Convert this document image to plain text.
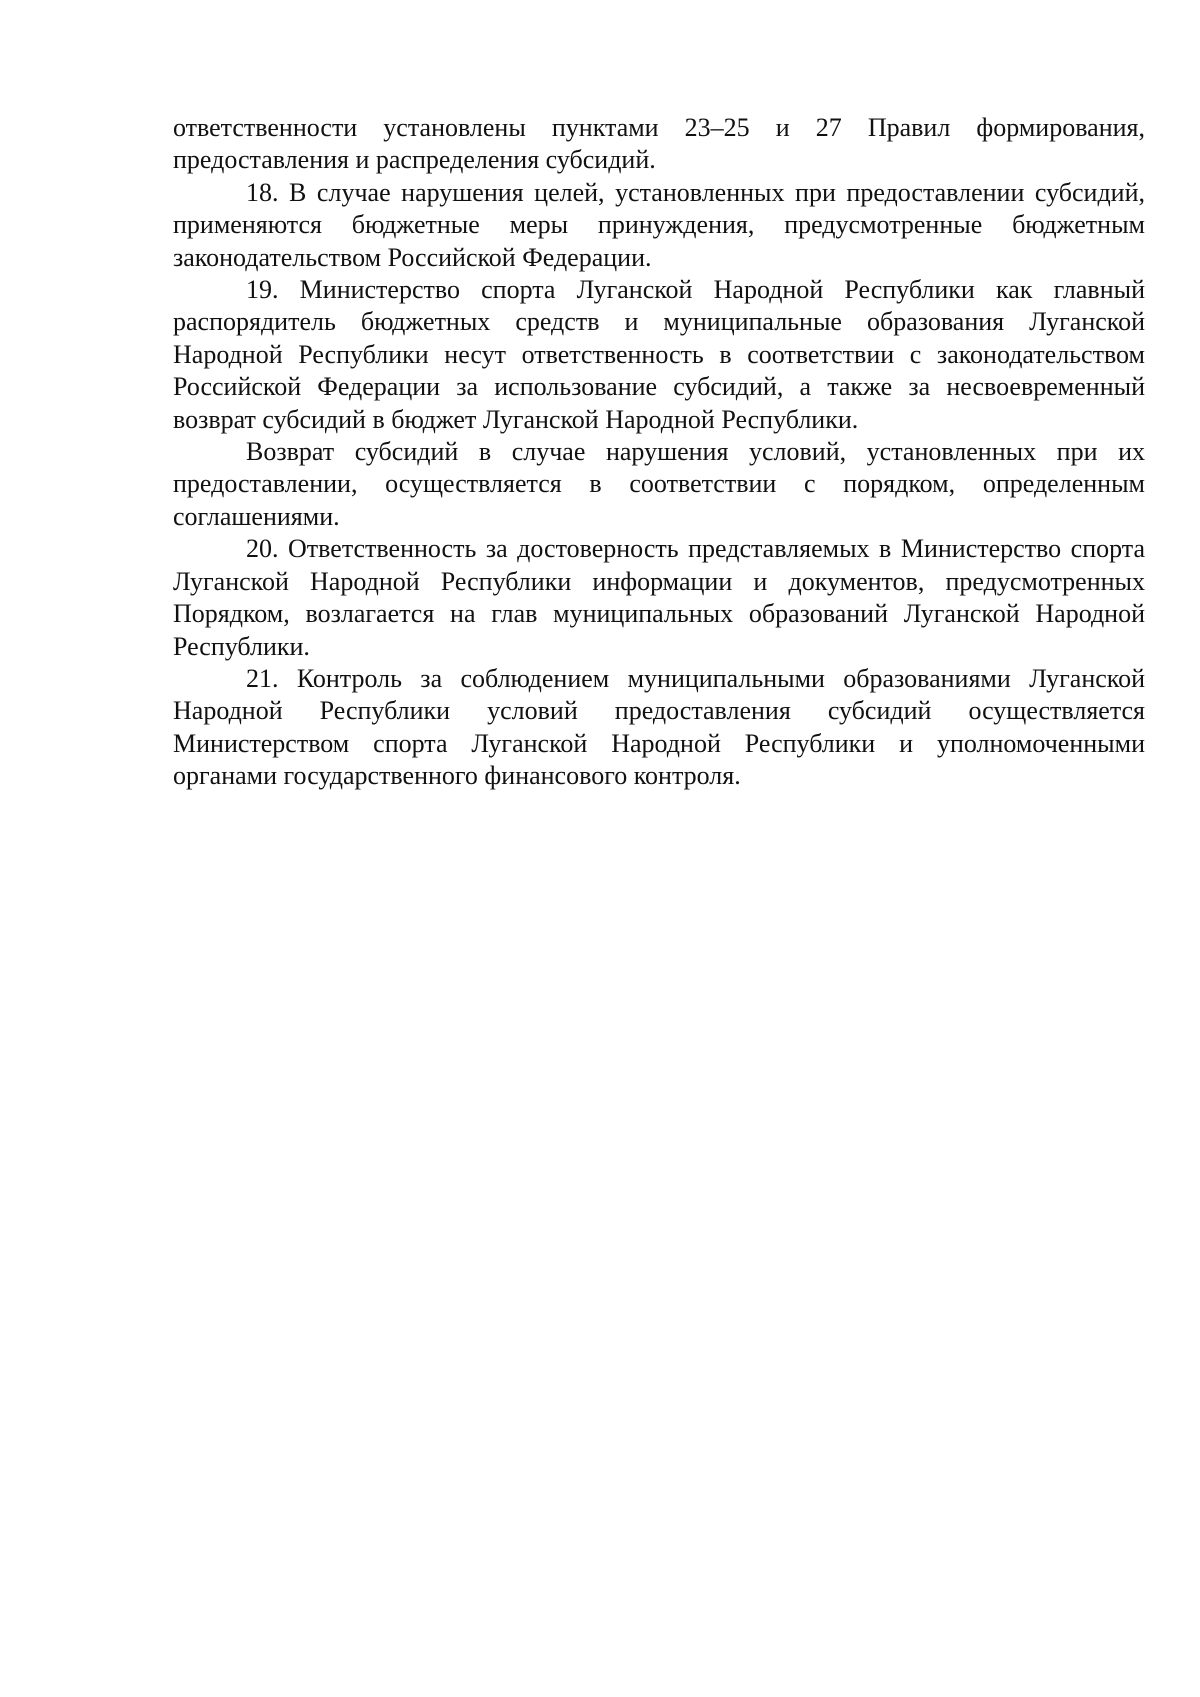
ответственности установлены пунктами 23–25 и 27 Правил формирования, предоставления и распределения субсидий.

18. В случае нарушения целей, установленных при предоставлении субсидий, применяются бюджетные меры принуждения, предусмотренные бюджетным законодательством Российской Федерации.

19. Министерство спорта Луганской Народной Республики как главный распорядитель бюджетных средств и муниципальные образования Луганской Народной Республики несут ответственность в соответствии с законодательством Российской Федерации за использование субсидий, а также за несвоевременный возврат субсидий в бюджет Луганской Народной Республики.

Возврат субсидий в случае нарушения условий, установленных при их предоставлении, осуществляется в соответствии с порядком, определенным соглашениями.

20. Ответственность за достоверность представляемых в Министерство спорта Луганской Народной Республики информации и документов, предусмотренных Порядком, возлагается на глав муниципальных образований Луганской Народной Республики.

21. Контроль за соблюдением муниципальными образованиями Луганской Народной Республики условий предоставления субсидий осуществляется Министерством спорта Луганской Народной Республики и уполномоченными органами государственного финансового контроля.
